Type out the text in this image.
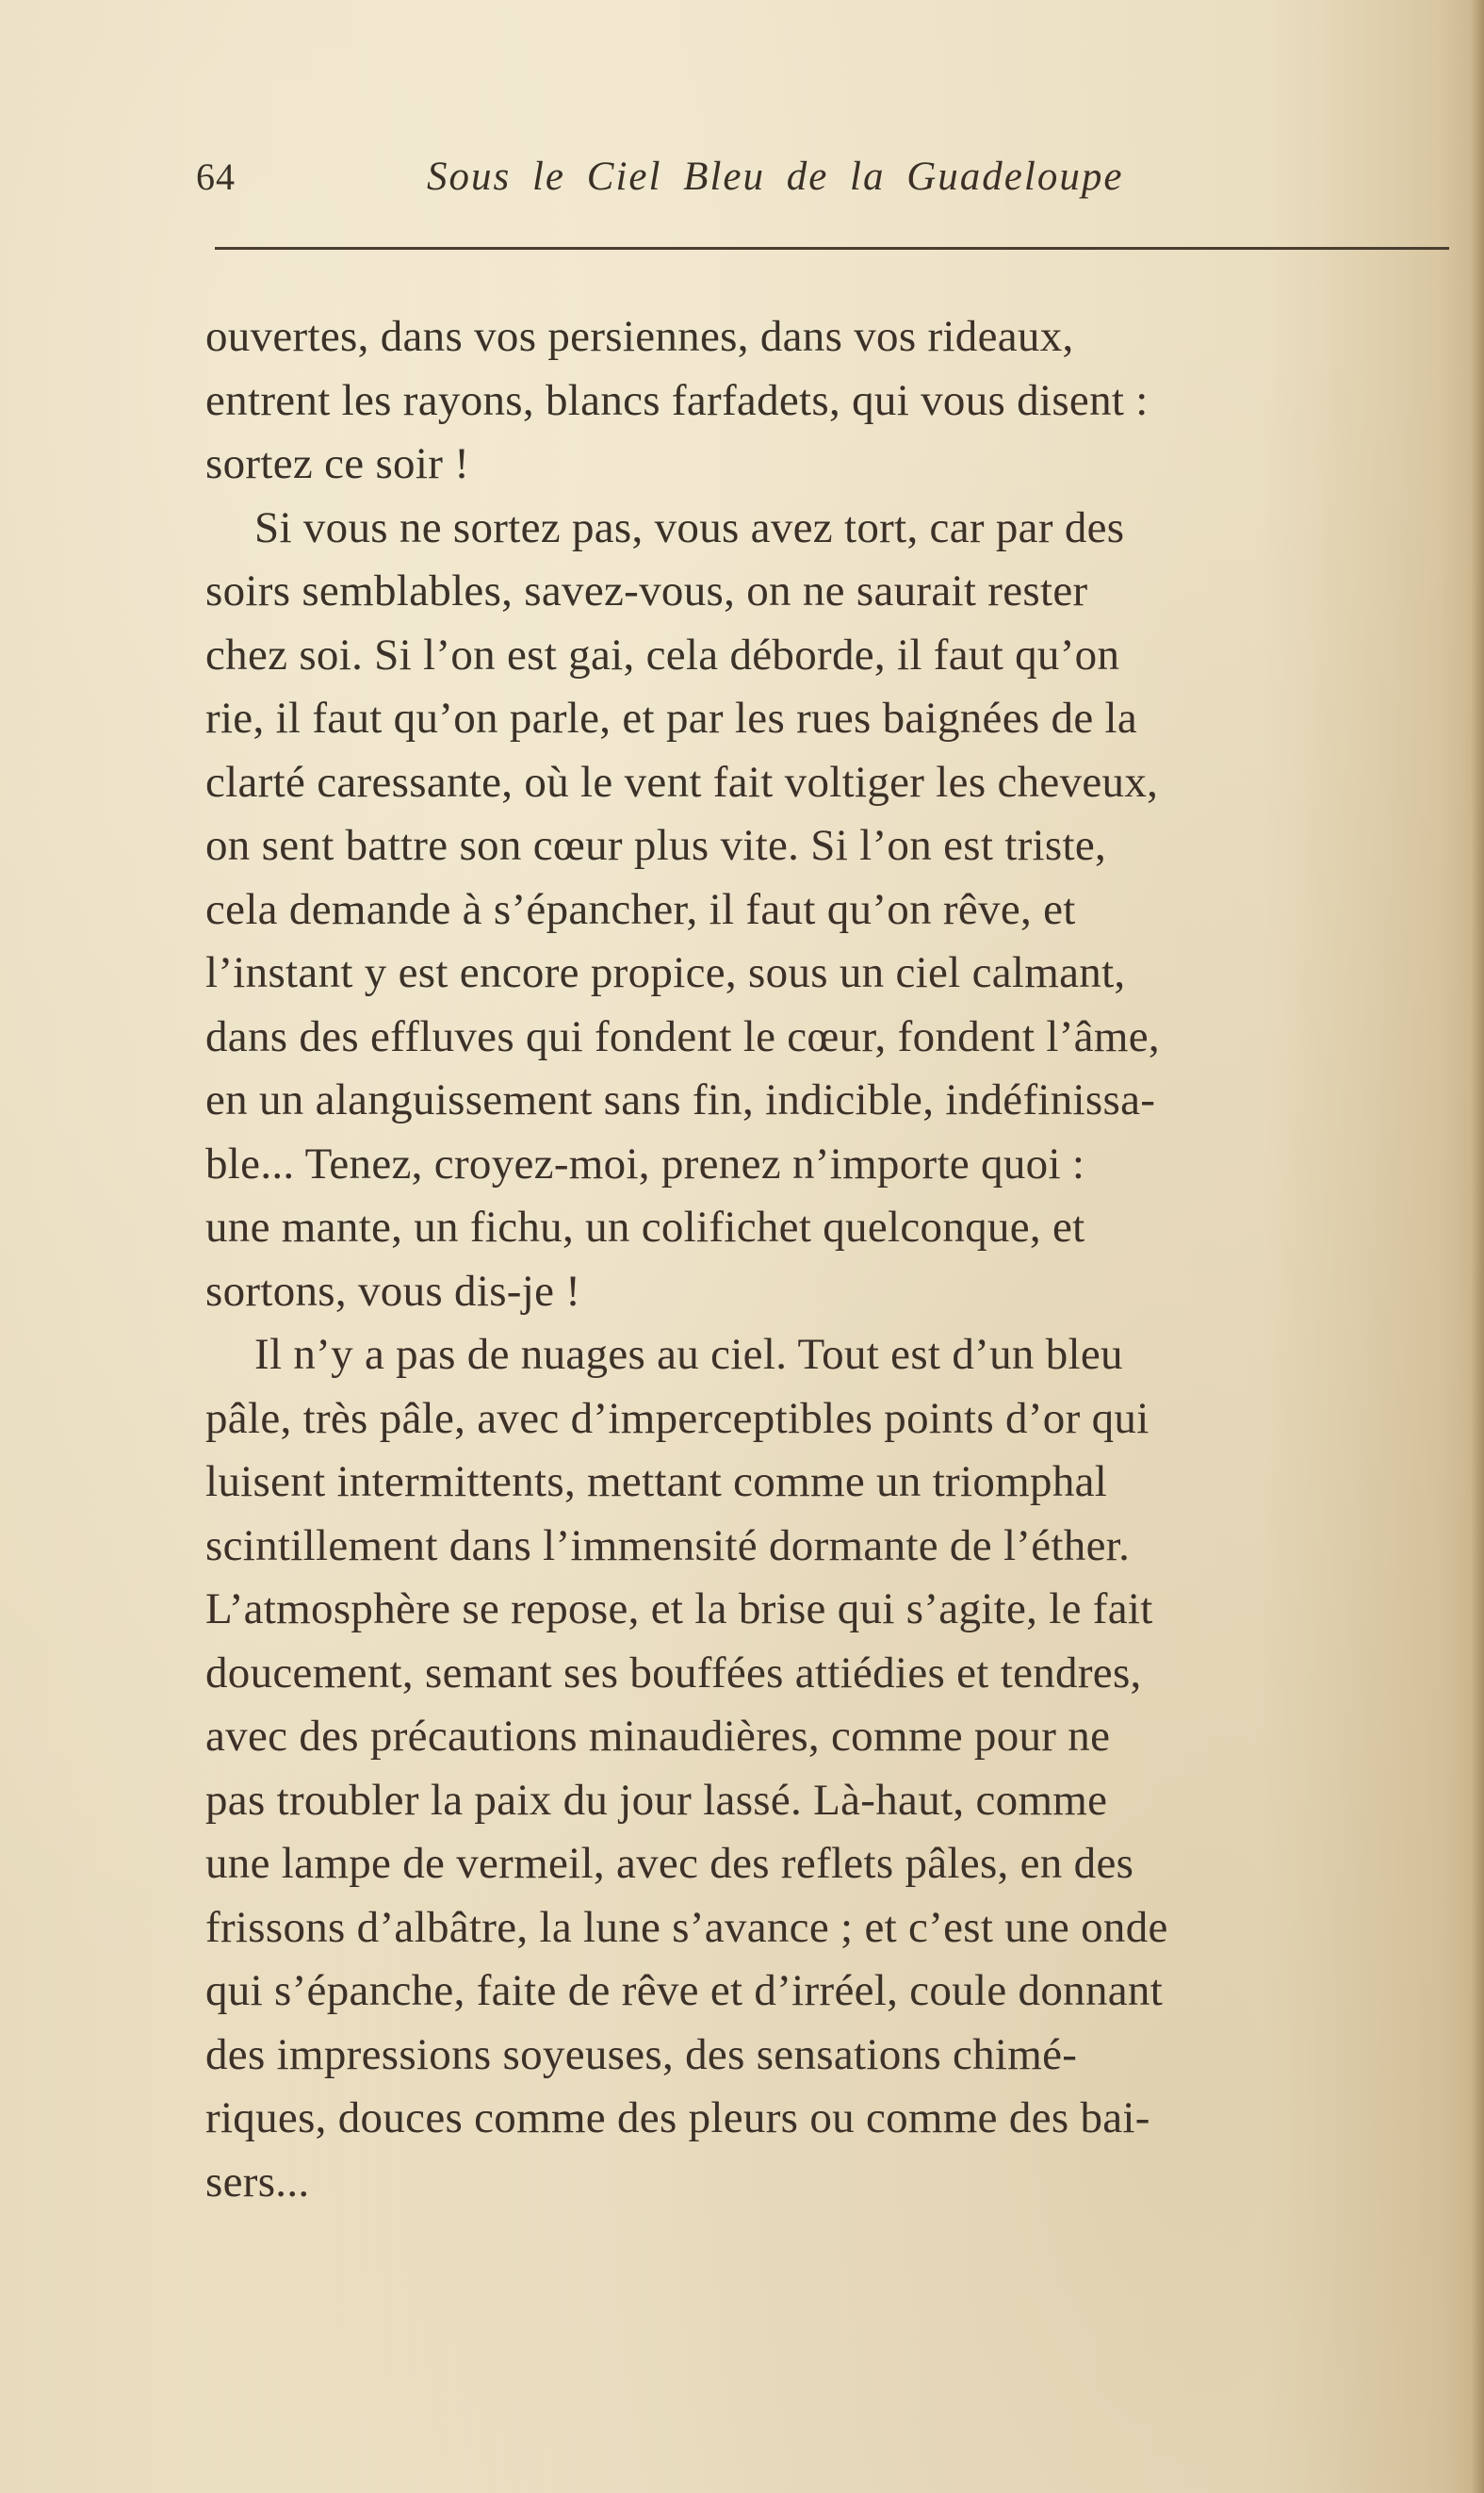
64	Sous le Ciel Bleu de la Guadeloupe
ouvertes, dans vos persiennes, dans vos rideaux,
entrent les rayons, blancs farfadets, qui vous disent :
sortez ce soir !
Si vous ne sortez pas, vous avez tort, car par des
soirs semblables, savez-vous, on ne saurait rester
chez soi. Si l’on est gai, cela déborde, il faut qu’on
rie, il faut qu’on parle, et par les rues baignées de la
clarté caressante, où le vent fait voltiger les cheveux,
on sent battre son cœur plus vite. Si l’on est triste,
cela demande à s’épancher, il faut qu’on rêve, et
l’instant y est encore propice, sous un ciel calmant,
dans des effluves qui fondent le cœur, fondent l’âme,
en un alanguissement sans fin, indicible, indéfinissa-
ble... Tenez, croyez-moi, prenez n’importe quoi :
une mante, un fichu, un colifichet quelconque, et
sortons, vous dis-je !
Il n’y a pas de nuages au ciel. Tout est d’un bleu
pâle, très pâle, avec d’imperceptibles points d’or qui
luisent intermittents, mettant comme un triomphal
scintillement dans l’immensité dormante de l’éther.
L’atmosphère se repose, et la brise qui s’agite, le fait
doucement, semant ses bouffées attiédies et tendres,
avec des précautions minaudières, comme pour ne
pas troubler la paix du jour lassé. Là-haut, comme
une lampe de vermeil, avec des reflets pâles, en des
frissons d’albâtre, la lune s’avance ; et c’est une onde
qui s’épanche, faite de rêve et d’irréel, coule donnant
des impressions soyeuses, des sensations chimé-
riques, douces comme des pleurs ou comme des bai-
sers...
